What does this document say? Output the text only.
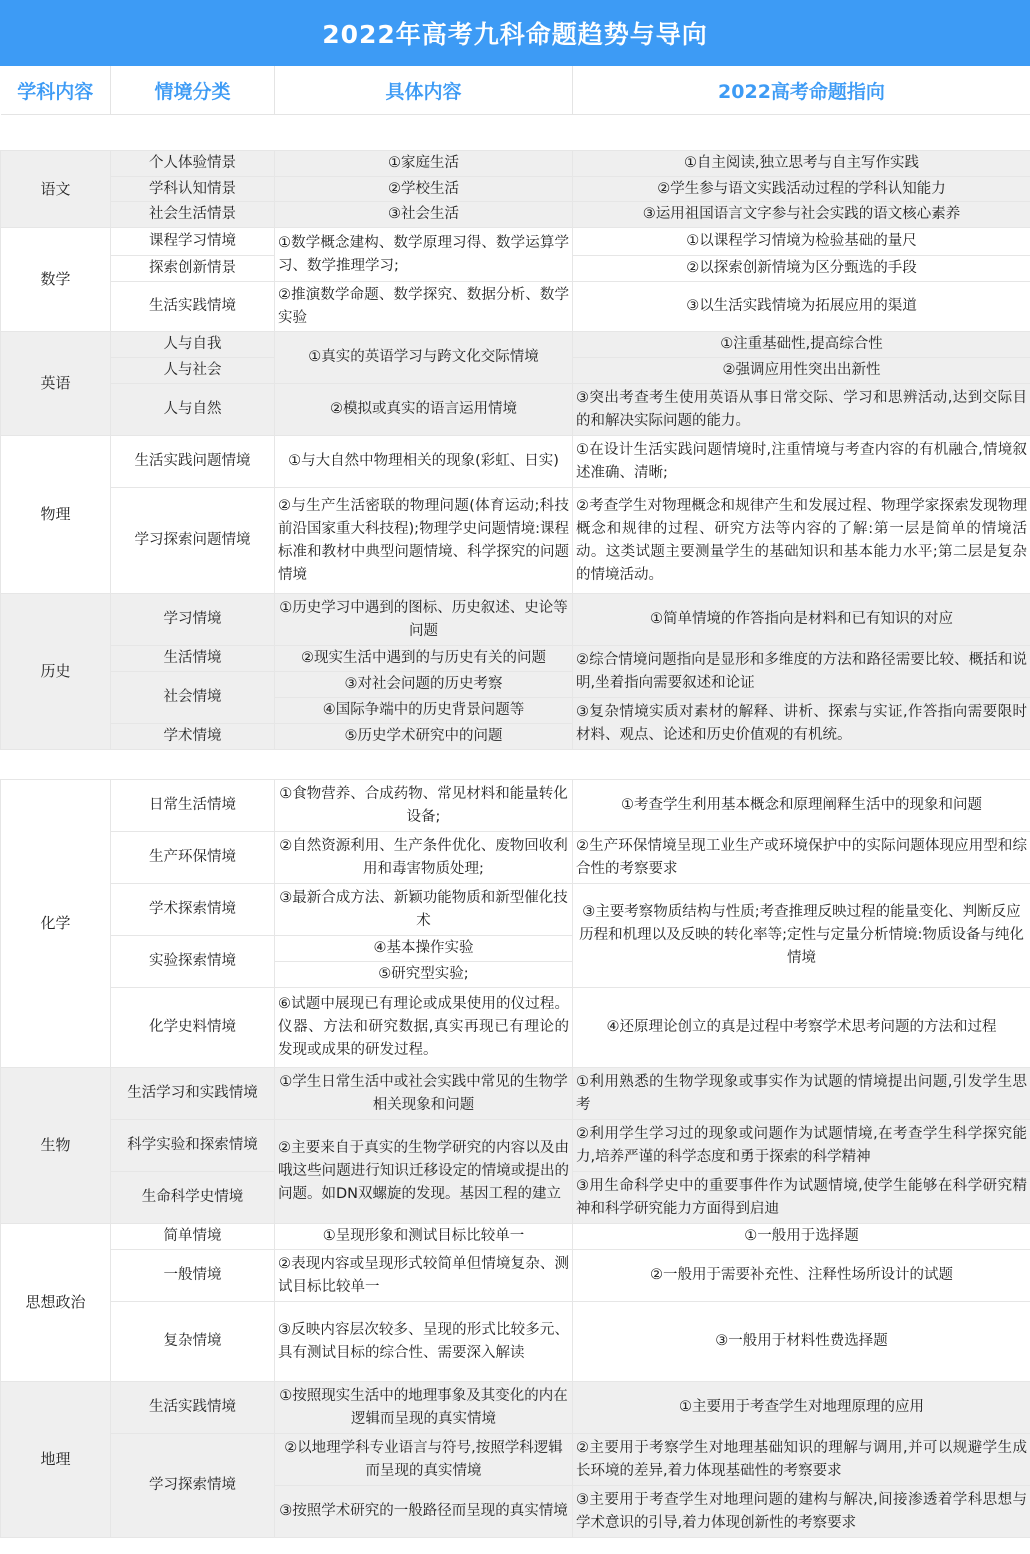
2022年高考九科命题趋势与导向
学科内容	情境分类	具体内容	2022高考命题指向

语文	个人体验情景	①家庭生活	①自主阅读,独立思考与自主写作实践
	学科认知情景	②学校生活	②学生参与语文实践活动过程的学科认知能力
	社会生活情景	③社会生活	③运用祖国语言文字参与社会实践的语文核心素养
数学	课程学习情境	①数学概念建构、数学原理习得、数学运算学习、数学推理学习;	①以课程学习情境为检验基础的量尺
	探索创新情景		②以探索创新情境为区分甄选的手段
	生活实践情境	②推演数学命题、数学探究、数据分析、数学实验	③以生活实践情境为拓展应用的渠道
英语	人与自我	①真实的英语学习与跨文化交际情境	①注重基础性,提高综合性
	人与社会		②强调应用性突出出新性
	人与自然	②模拟或真实的语言运用情境	③突出考查考生使用英语从事日常交际、学习和思辨活动,达到交际目的和解决实际问题的能力。
物理	生活实践问题情境	①与大自然中物理相关的现象(彩虹、日实)	①在设计生活实践问题情境时,注重情境与考查内容的有机融合,情境叙述准确、清晰;
	学习探索问题情境	②与生产生活密联的物理问题(体育运动;科技前沿国家重大科技程);物理学史问题情境:课程标准和教材中典型问题情境、科学探究的问题情境	②考查学生对物理概念和规律产生和发展过程、物理学家探索发现物理概念和规律的过程、研究方法等内容的了解:第一层是简单的情境活动。这类试题主要测量学生的基础知识和基本能力水平;第二层是复杂的情境活动。
历史	学习情境	①历史学习中遇到的图标、历史叙述、史论等问题	①简单情境的作答指向是材料和已有知识的对应
	生活情境	②现实生活中遇到的与历史有关的问题	②综合情境问题指向是显形和多维度的方法和路径需要比较、概括和说明,坐着指向需要叙述和论证
	社会情境	③对社会问题的历史考察	
		④国际争端中的历史背景问题等	③复杂情境实质对素材的解释、讲析、探索与实证,作答指向需要限时材料、观点、论述和历史价值观的有机统。
	学术情境	⑤历史学术研究中的问题	

化学	日常生活情境	①食物营养、合成药物、常见材料和能量转化设备;	①考查学生利用基本概念和原理阐释生活中的现象和问题
	生产环保情境	②自然资源利用、生产条件优化、废物回收利用和毒害物质处理;	②生产环保情境呈现工业生产或环境保护中的实际问题体现应用型和综合性的考察要求
	学术探索情境	③最新合成方法、新颖功能物质和新型催化技术	③主要考察物质结构与性质;考查推理反映过程的能量变化、判断反应历程和机理以及反映的转化率等;定性与定量分析情境:物质设备与纯化情境
	实验探索情境	④基本操作实验	
		⑤研究型实验;	
	化学史料情境	⑥试题中展现已有理论或成果使用的仪过程。仪器、方法和研究数据,真实再现已有理论的发现或成果的研发过程。	④还原理论创立的真是过程中考察学术思考问题的方法和过程
生物	生活学习和实践情境	①学生日常生活中或社会实践中常见的生物学相关现象和问题	①利用熟悉的生物学现象或事实作为试题的情境提出问题,引发学生思考
	科学实验和探索情境	②主要来自于真实的生物学研究的内容以及由哦这些问题进行知识迁移设定的情境或提出的问题。如DN双螺旋的发现。基因工程的建立	②利用学生学习过的现象或问题作为试题情境,在考查学生科学探究能力,培养严谨的科学态度和勇于探索的科学精神
	生命科学史情境		③用生命科学史中的重要事件作为试题情境,使学生能够在科学研究精神和科学研究能力方面得到启迪
思想政治	简单情境	①呈现形象和测试目标比较单一	①一般用于选择题
	一般情境	②表现内容或呈现形式较简单但情境复杂、测试目标比较单一	②一般用于需要补充性、注释性场所设计的试题
	复杂情境	③反映内容层次较多、呈现的形式比较多元、具有测试目标的综合性、需要深入解读	③一般用于材料性费选择题
地理	生活实践情境	①按照现实生活中的地理事象及其变化的内在逻辑而呈现的真实情境	①主要用于考查学生对地理原理的应用
	学习探索情境	②以地理学科专业语言与符号,按照学科逻辑而呈现的真实情境	②主要用于考察学生对地理基础知识的理解与调用,并可以规避学生成长环境的差异,着力体现基础性的考察要求
		③按照学术研究的一般路径而呈现的真实情境	③主要用于考查学生对地理问题的建构与解决,间接渗透着学科思想与学术意识的引导,着力体现创新性的考察要求
